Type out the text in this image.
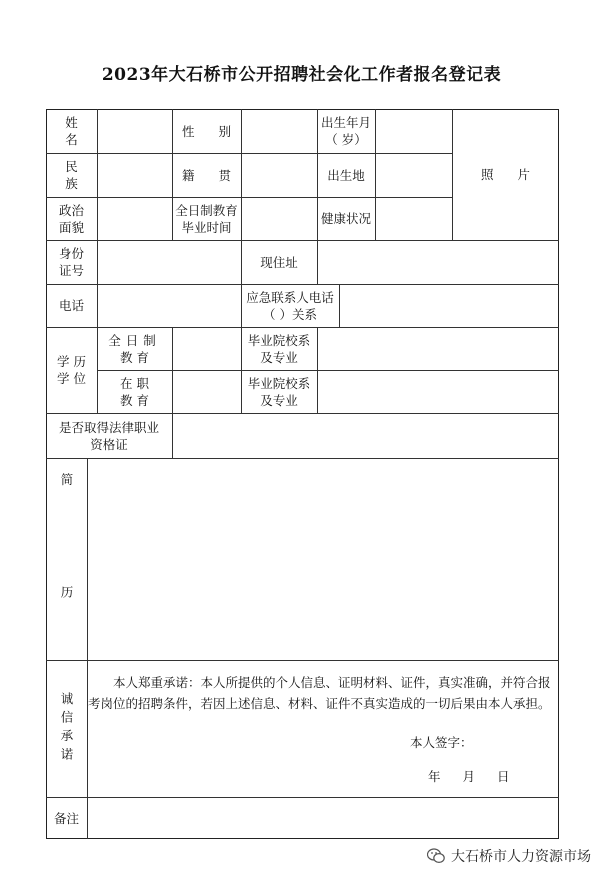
2023年大石桥市公开招聘社会化工作者报名登记表
姓 名
性 别
出生年月
（ 岁）
照 片
民 族
籍 贯	出生地
政治
面貌
全日制教育
毕业时间
健康状况
身份
证号
现住址
电话
应急联系人电话
（ ）关系
学 历
学 位
全日制
教 育
毕业院校系
及专业
在 职
教 育
毕业院校系
及专业
是否取得法律职业
资格证
简 历
诚信承诺
本人郑重承诺：本人所提供的个人信息、证明材料、证件，真实准确，并符合报考岗位的招聘条件，若因上述信息、材料、证件不真实造成的一切后果由本人承担。
本人签字：
年 月 日
备注
大石桥市人力资源市场
